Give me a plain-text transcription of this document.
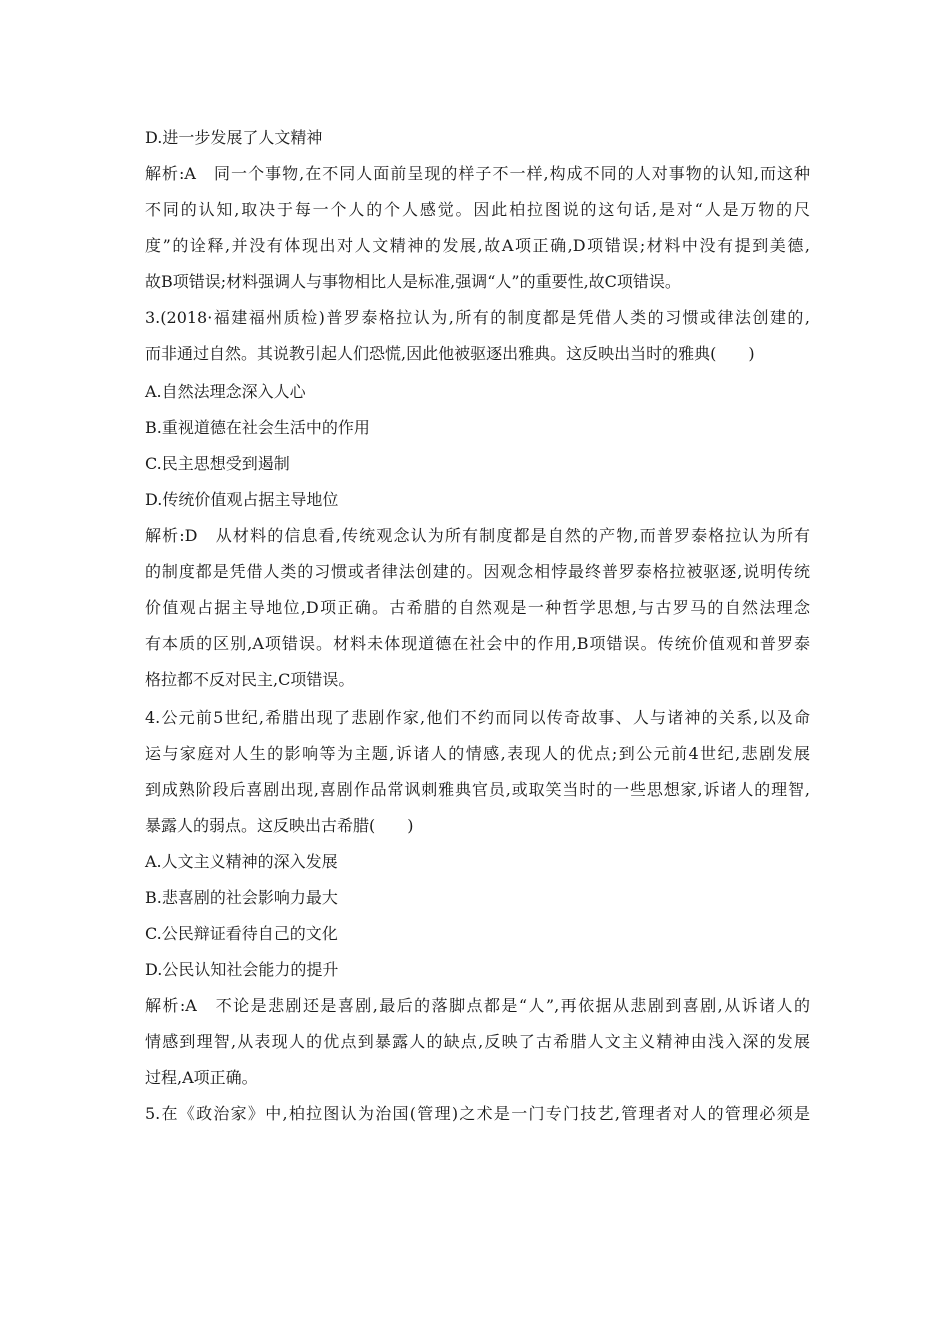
D.进一步发展了人文精神
解析:A　同一个事物,在不同人面前呈现的样子不一样,构成不同的人对事物的认知,而这种
不同的认知,取决于每一个人的个人感觉。因此柏拉图说的这句话,是对“人是万物的尺
度”的诠释,并没有体现出对人文精神的发展,故A项正确,D项错误;材料中没有提到美德,
故B项错误;材料强调人与事物相比人是标准,强调“人”的重要性,故C项错误。
3.(2018·福建福州质检)普罗泰格拉认为,所有的制度都是凭借人类的习惯或律法创建的,
而非通过自然。其说教引起人们恐慌,因此他被驱逐出雅典。这反映出当时的雅典(　　)
A.自然法理念深入人心
B.重视道德在社会生活中的作用
C.民主思想受到遏制
D.传统价值观占据主导地位
解析:D　从材料的信息看,传统观念认为所有制度都是自然的产物,而普罗泰格拉认为所有
的制度都是凭借人类的习惯或者律法创建的。因观念相悖最终普罗泰格拉被驱逐,说明传统
价值观占据主导地位,D项正确。古希腊的自然观是一种哲学思想,与古罗马的自然法理念
有本质的区别,A项错误。材料未体现道德在社会中的作用,B项错误。传统价值观和普罗泰
格拉都不反对民主,C项错误。
4.公元前5世纪,希腊出现了悲剧作家,他们不约而同以传奇故事、人与诸神的关系,以及命
运与家庭对人生的影响等为主题,诉诸人的情感,表现人的优点;到公元前4世纪,悲剧发展
到成熟阶段后喜剧出现,喜剧作品常讽刺雅典官员,或取笑当时的一些思想家,诉诸人的理智,
暴露人的弱点。这反映出古希腊(　　)
A.人文主义精神的深入发展
B.悲喜剧的社会影响力最大
C.公民辩证看待自己的文化
D.公民认知社会能力的提升
解析:A　不论是悲剧还是喜剧,最后的落脚点都是“人”,再依据从悲剧到喜剧,从诉诸人的
情感到理智,从表现人的优点到暴露人的缺点,反映了古希腊人文主义精神由浅入深的发展
过程,A项正确。
5.在《政治家》中,柏拉图认为治国(管理)之术是一门专门技艺,管理者对人的管理必须是
